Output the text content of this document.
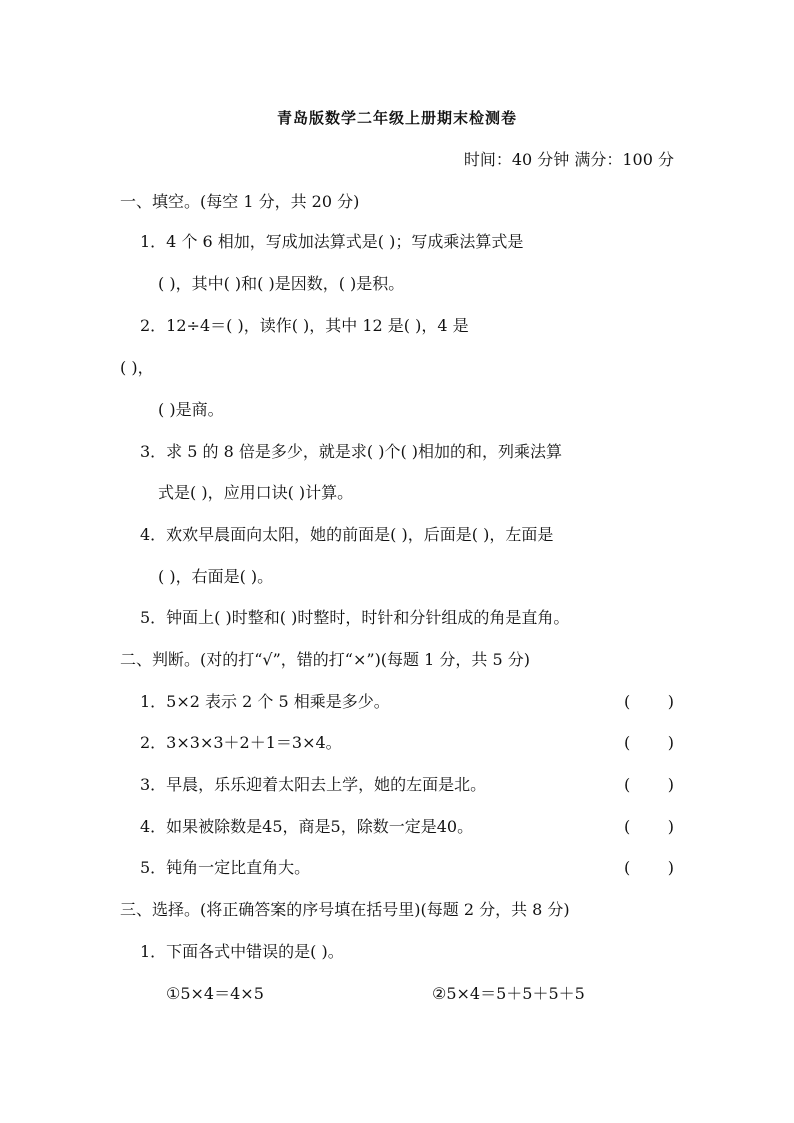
青岛版数学二年级上册期末检测卷
时间：40 分钟 满分：100 分
一、填空。(每空 1 分，共 20 分)
1．4 个 6 相加，写成加法算式是( )；写成乘法算式是
( )，其中( )和( )是因数，( )是积。
2．12÷4＝( )，读作( )，其中 12 是( )，4 是
( )，
( )是商。
3．求 5 的 8 倍是多少，就是求( )个( )相加的和，列乘法算
式是( )，应用口诀( )计算。
4．欢欢早晨面向太阳，她的前面是( )，后面是( )，左面是
( )，右面是( )。
5．钟面上( )时整和( )时整时，时针和分针组成的角是直角。
二、判断。(对的打“√”，错的打“×”)(每题 1 分，共 5 分)
1．5×2 表示 2 个 5 相乘是多少。	( )
2．3×3×3＋2＋1＝3×4。	( )
3．早晨，乐乐迎着太阳去上学，她的左面是北。	( )
4．如果被除数是45，商是5，除数一定是40。	( )
5．钝角一定比直角大。	( )
三、选择。(将正确答案的序号填在括号里)(每题 2 分，共 8 分)
1．下面各式中错误的是( )。
①5×4＝4×5	②5×4＝5＋5＋5＋5
